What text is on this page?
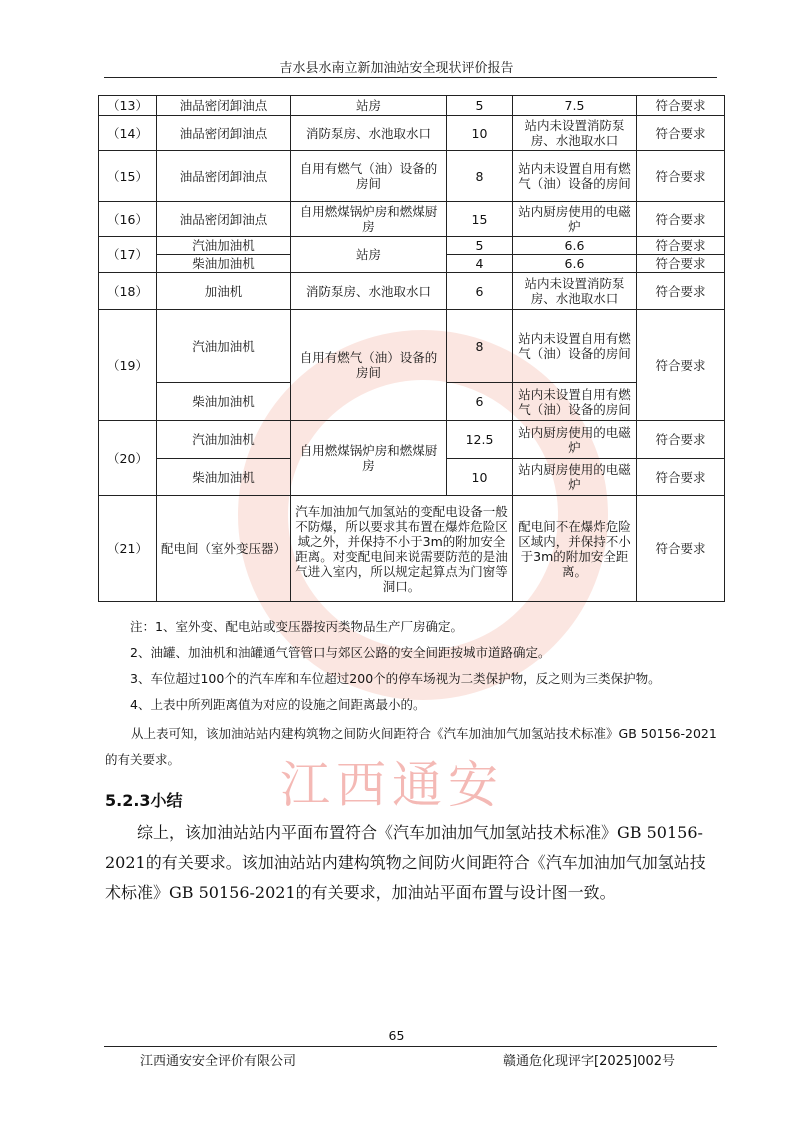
吉水县水南立新加油站安全现状评价报告
江西通安
（13）	油品密闭卸油点	站房	5	7.5	符合要求
（14）	油品密闭卸油点	消防泵房、水池取水口	10	站内未设置消防泵房、水池取水口	符合要求
（15）	油品密闭卸油点	自用有燃气（油）设备的房间	8	站内未设置自用有燃气（油）设备的房间	符合要求
（16）	油品密闭卸油点	自用燃煤锅炉房和燃煤厨房	15	站内厨房使用的电磁炉	符合要求
（17）	汽油加油机	站房	5	6.6	符合要求
	柴油加油机		4	6.6	符合要求
（18）	加油机	消防泵房、水池取水口	6	站内未设置消防泵房、水池取水口	符合要求
（19）	汽油加油机	自用有燃气（油）设备的房间	8	站内未设置自用有燃气（油）设备的房间	符合要求
	柴油加油机		6	站内未设置自用有燃气（油）设备的房间	
（20）	汽油加油机	自用燃煤锅炉房和燃煤厨房	12.5	站内厨房使用的电磁炉	符合要求
	柴油加油机		10	站内厨房使用的电磁炉	符合要求
（21）	配电间（室外变压器）	汽车加油加气加氢站的变配电设备一般不防爆，所以要求其布置在爆炸危险区域之外，并保持不小于3m的附加安全距离。对变配电间来说需要防范的是油气进入室内，所以规定起算点为门窗等洞口。		配电间不在爆炸危险区域内，并保持不小于3m的附加安全距离。	符合要求

注：1、室外变、配电站或变压器按丙类物品生产厂房确定。

2、油罐、加油机和油罐通气管管口与郊区公路的安全间距按城市道路确定。

3、车位超过100个的汽车库和车位超过200个的停车场视为二类保护物，反之则为三类保护物。

4、上表中所列距离值为对应的设施之间距离最小的。

从上表可知，该加油站站内建构筑物之间防火间距符合《汽车加油加气加氢站技术标准》GB 50156-2021的有关要求。

5.2.3小结

综上，该加油站站内平面布置符合《汽车加油加气加氢站技术标准》GB 50156-2021的有关要求。该加油站站内建构筑物之间防火间距符合《汽车加油加气加氢站技术标准》GB 50156-2021的有关要求，加油站平面布置与设计图一致。

65
江西通安安全评价有限公司	赣通危化现评字[2025]002号
